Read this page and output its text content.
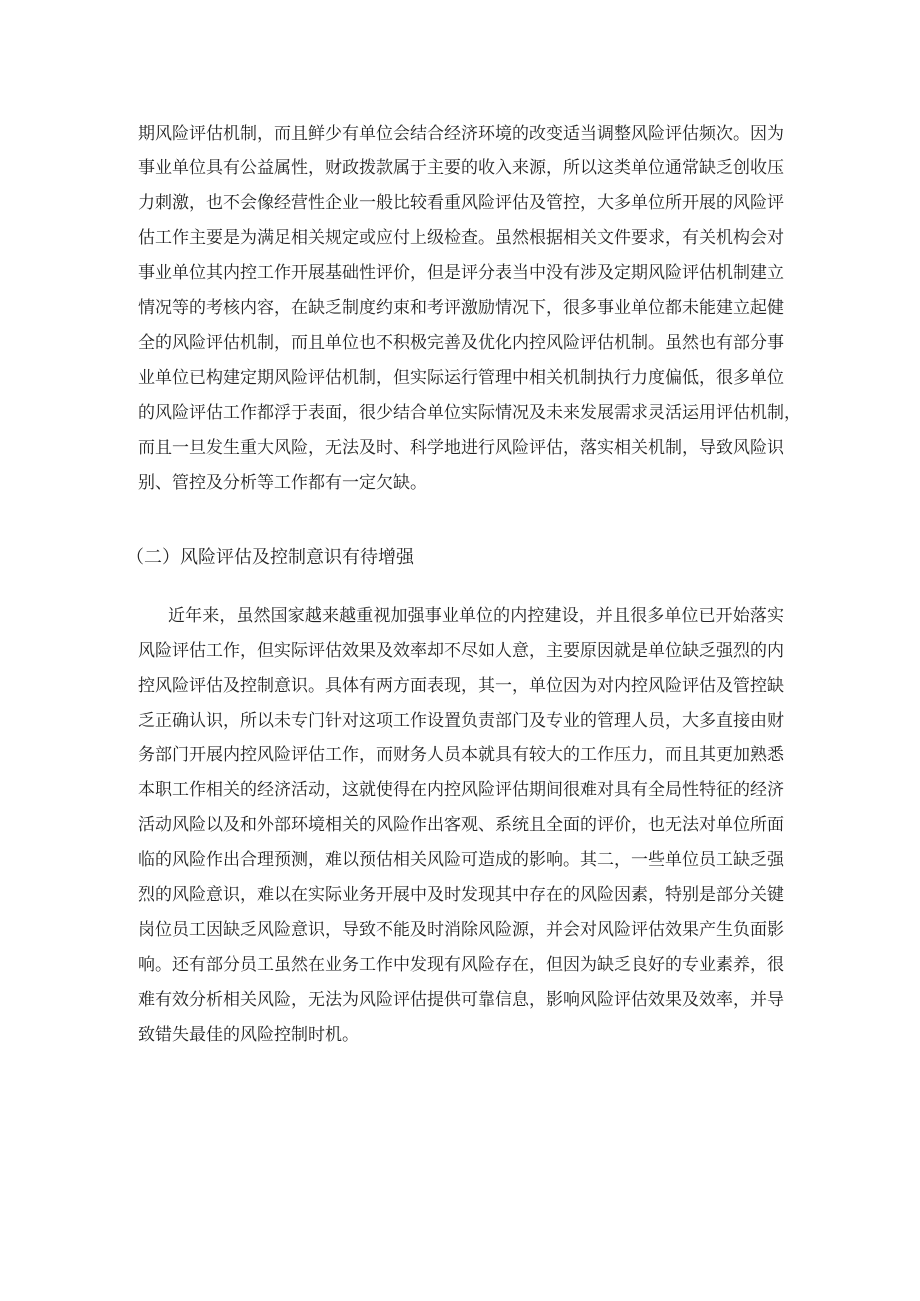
期风险评估机制，而且鲜少有单位会结合经济环境的改变适当调整风险评估频次。因为
事业单位具有公益属性，财政拨款属于主要的收入来源，所以这类单位通常缺乏创收压
力刺激，也不会像经营性企业一般比较看重风险评估及管控，大多单位所开展的风险评
估工作主要是为满足相关规定或应付上级检查。虽然根据相关文件要求，有关机构会对
事业单位其内控工作开展基础性评价，但是评分表当中没有涉及定期风险评估机制建立
情况等的考核内容，在缺乏制度约束和考评激励情况下，很多事业单位都未能建立起健
全的风险评估机制，而且单位也不积极完善及优化内控风险评估机制。虽然也有部分事
业单位已构建定期风险评估机制，但实际运行管理中相关机制执行力度偏低，很多单位
的风险评估工作都浮于表面，很少结合单位实际情况及未来发展需求灵活运用评估机制，
而且一旦发生重大风险，无法及时、科学地进行风险评估，落实相关机制，导致风险识
别、管控及分析等工作都有一定欠缺。
（二）风险评估及控制意识有待增强
近年来，虽然国家越来越重视加强事业单位的内控建设，并且很多单位已开始落实
风险评估工作，但实际评估效果及效率却不尽如人意，主要原因就是单位缺乏强烈的内
控风险评估及控制意识。具体有两方面表现，其一，单位因为对内控风险评估及管控缺
乏正确认识，所以未专门针对这项工作设置负责部门及专业的管理人员，大多直接由财
务部门开展内控风险评估工作，而财务人员本就具有较大的工作压力，而且其更加熟悉
本职工作相关的经济活动，这就使得在内控风险评估期间很难对具有全局性特征的经济
活动风险以及和外部环境相关的风险作出客观、系统且全面的评价，也无法对单位所面
临的风险作出合理预测，难以预估相关风险可造成的影响。其二，一些单位员工缺乏强
烈的风险意识，难以在实际业务开展中及时发现其中存在的风险因素，特别是部分关键
岗位员工因缺乏风险意识，导致不能及时消除风险源，并会对风险评估效果产生负面影
响。还有部分员工虽然在业务工作中发现有风险存在，但因为缺乏良好的专业素养，很
难有效分析相关风险，无法为风险评估提供可靠信息，影响风险评估效果及效率，并导
致错失最佳的风险控制时机。
